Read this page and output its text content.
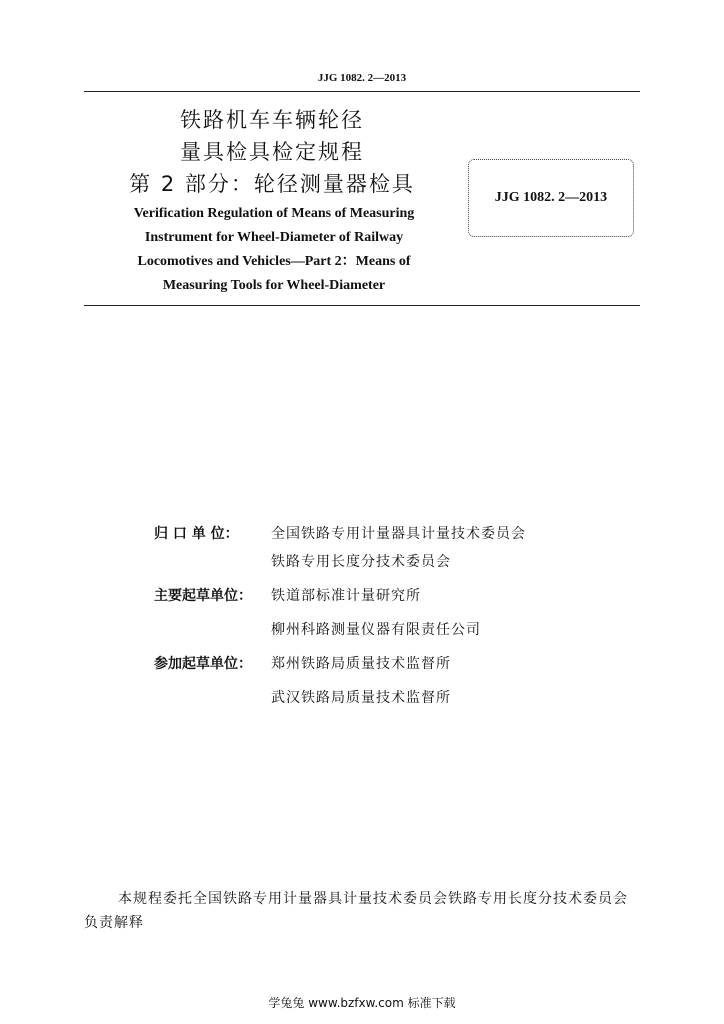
JJG 1082. 2—2013
铁路机车车辆轮径
量具检具检定规程
第 2 部分：轮径测量器检具
Verification Regulation of Means of Measuring
Instrument for Wheel-Diameter of Railway
Locomotives and Vehicles—Part 2：Means of
Measuring Tools for Wheel-Diameter
JJG 1082. 2—2013
归 口 单 位：	全国铁路专用计量器具计量技术委员会
铁路专用长度分技术委员会
主要起草单位：	铁道部标准计量研究所
柳州科路测量仪器有限责任公司
参加起草单位：	郑州铁路局质量技术监督所
武汉铁路局质量技术监督所
本规程委托全国铁路专用计量器具计量技术委员会铁路专用长度分技术委员会负责解释
学兔兔 www.bzfxw.com 标准下载
